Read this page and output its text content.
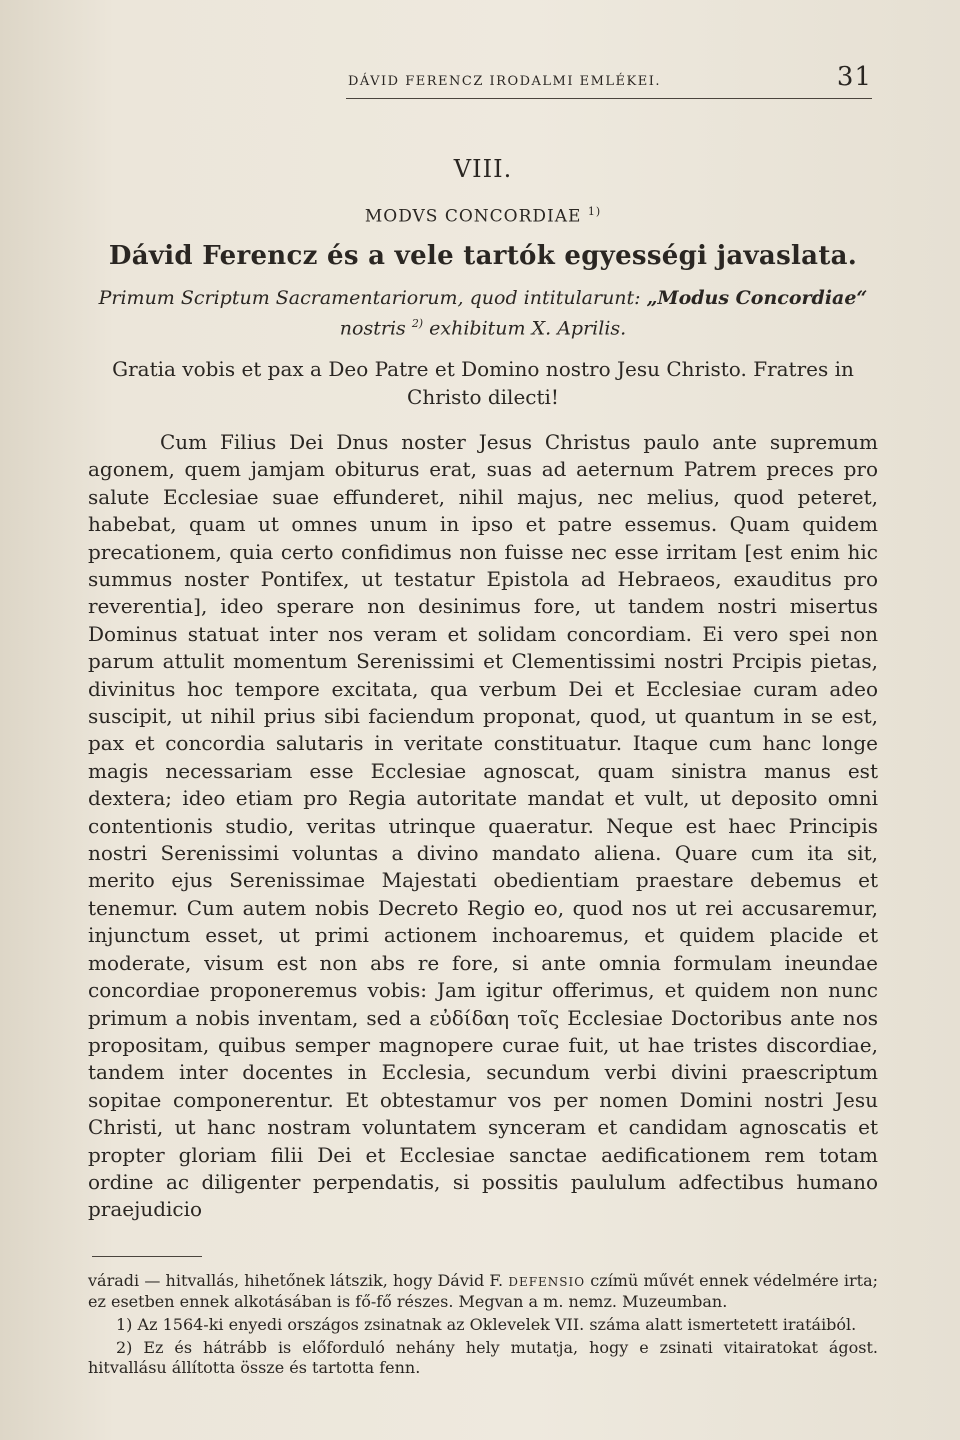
DÁVID FERENCZ IRODALMI EMLÉKEI.	31
VIII.
MODVS CONCORDIAE $^{1)}$
Dávid Ferencz és a vele tartók egyességi javaslata.
Primum Scriptum Sacramentariorum, quod intitularunt: „Modus Concordiae“ nostris $^{2)}$ exhibitum X. Aprilis.
Gratia vobis et pax a Deo Patre et Domino nostro Jesu Christo. Fratres in Christo dilecti!

Cum Filius Dei Dnus noster Jesus Christus paulo ante supremum agonem, quem jamjam obiturus erat, suas ad aeternum Patrem preces pro salute Ecclesiae suae effunderet, nihil majus, nec melius, quod peteret, habebat, quam ut omnes unum in ipso et patre essemus. Quam quidem precationem, quia certo confidimus non fuisse nec esse irritam [est enim hic summus noster Pontifex, ut testatur Epistola ad Hebraeos, exauditus pro reverentia], ideo sperare non desinimus fore, ut tandem nostri misertus Dominus statuat inter nos veram et solidam concordiam. Ei vero spei non parum attulit momentum Serenissimi et Clementissimi nostri Prcipis pietas, divinitus hoc tempore excitata, qua verbum Dei et Ecclesiae curam adeo suscipit, ut nihil prius sibi faciendum proponat, quod, ut quantum in se est, pax et concordia salutaris in veritate constituatur. Itaque cum hanc longe magis necessariam esse Ecclesiae agnoscat, quam sinistra manus est dextera; ideo etiam pro Regia autoritate mandat et vult, ut deposito omni contentionis studio, veritas utrinque quaeratur. Neque est haec Principis nostri Serenissimi voluntas a divino mandato aliena. Quare cum ita sit, merito ejus Serenissimae Majestati obedientiam praestare debemus et tenemur. Cum autem nobis Decreto Regio eo, quod nos ut rei accusaremur, injunctum esset, ut primi actionem inchoaremus, et quidem placide et moderate, visum est non abs re fore, si ante omnia formulam ineundae concordiae proponeremus vobis: Jam igitur offerimus, et quidem non nunc primum a nobis inventam, sed a εὐδίδαη τοῖς Ecclesiae Doctoribus ante nos propositam, quibus semper magnopere curae fuit, ut hae tristes discordiae, tandem inter docentes in Ecclesia, secundum verbi divini praescriptum sopitae componerentur. Et obtestamur vos per nomen Domini nostri Jesu Christi, ut hanc nostram voluntatem synceram et candidam agnoscatis et propter gloriam filii Dei et Ecclesiae sanctae aedificationem rem totam ordine ac diligenter perpendatis, si possitis paululum adfectibus humano praejudicio

váradi — hitvallás, hihetőnek látszik, hogy Dávid F. DEFENSIO czímü művét ennek védelmére irta; ez esetben ennek alkotásában is fő-fő részes. Megvan a m. nemz. Muzeumban.

1) Az 1564-ki enyedi országos zsinatnak az Oklevelek VII. száma alatt ismertetett iratáiból.

2) Ez és hátrább is előforduló nehány hely mutatja, hogy e zsinati vitairatokat ágost. hitvallásu állította össze és tartotta fenn.
